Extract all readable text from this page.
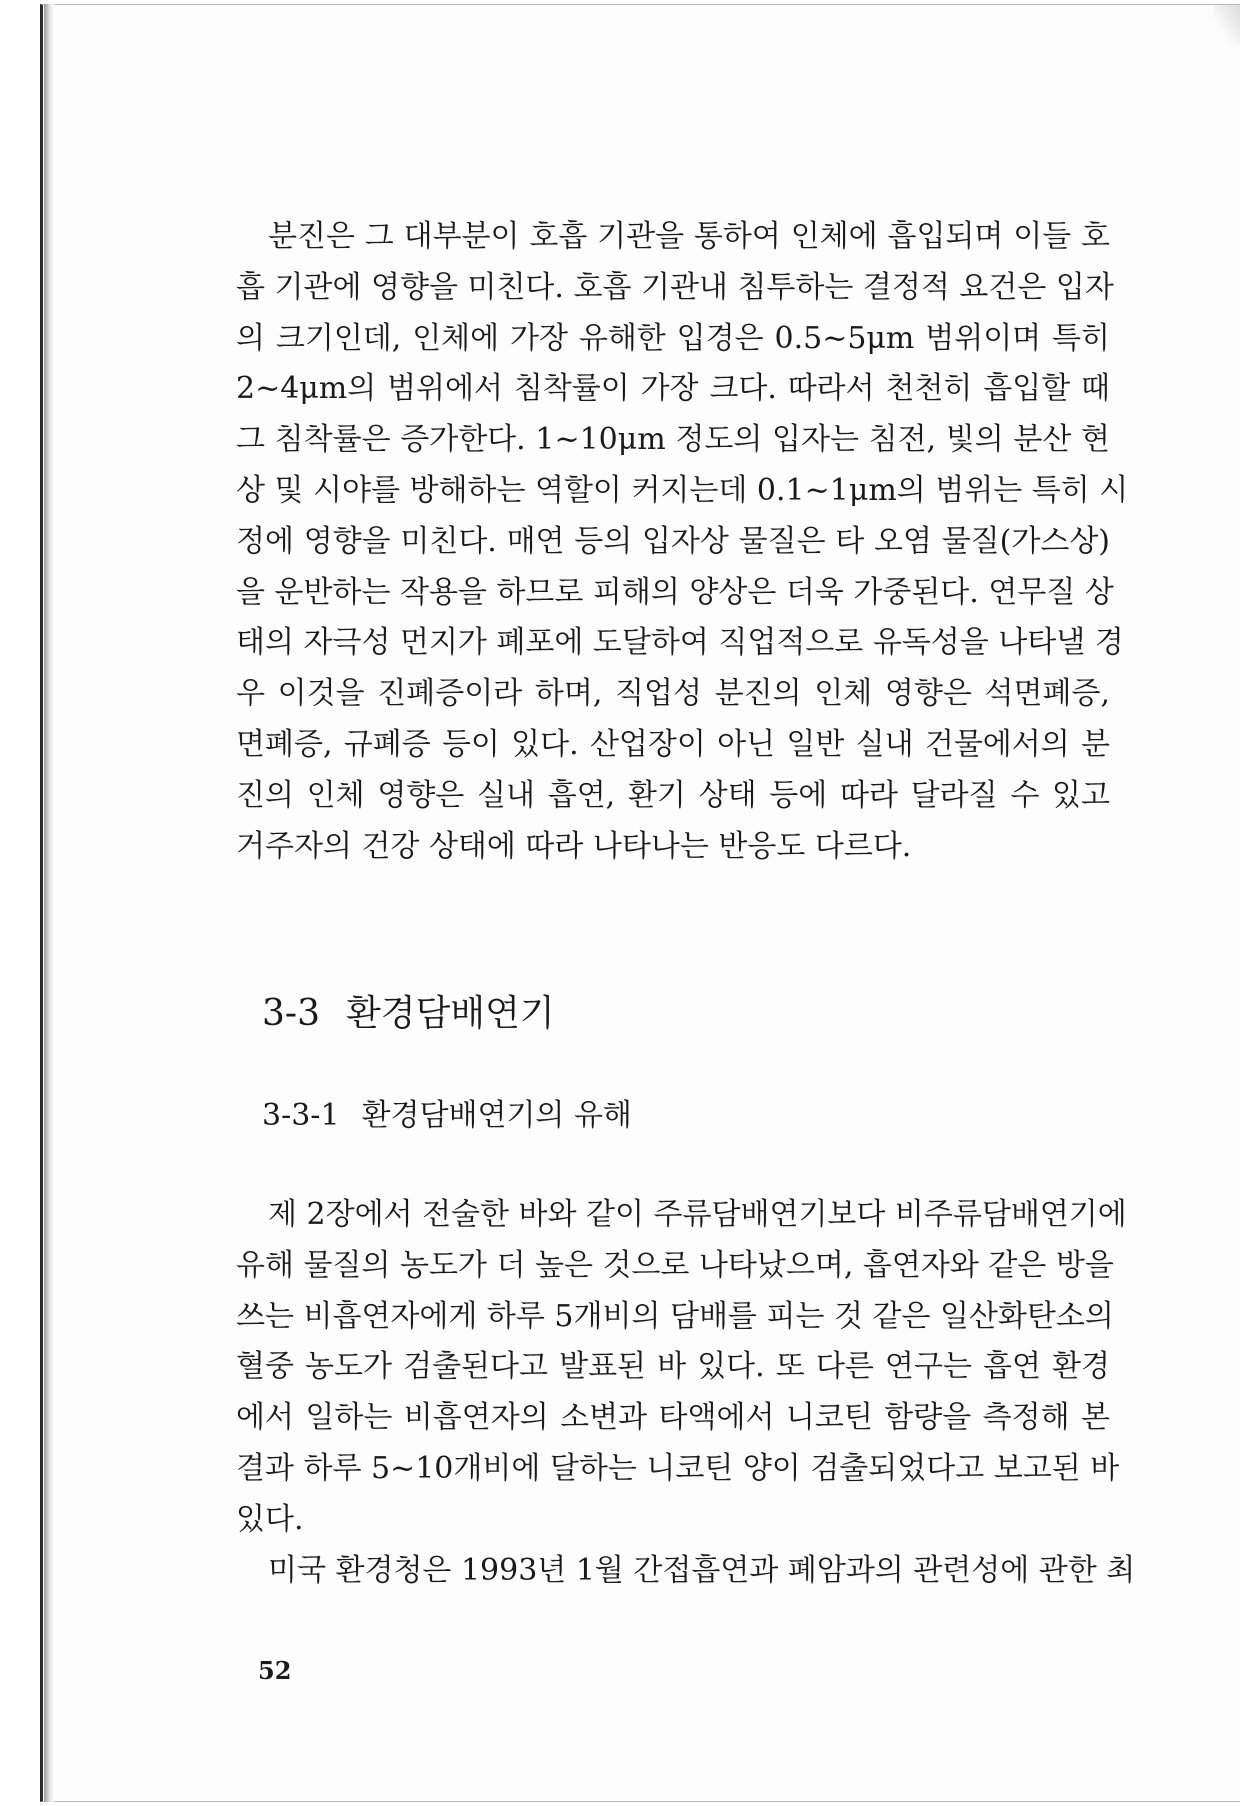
분진은 그 대부분이 호흡 기관을 통하여 인체에 흡입되며 이들 호
흡 기관에 영향을 미친다. 호흡 기관내 침투하는 결정적 요건은 입자
의 크기인데, 인체에 가장 유해한 입경은 0.5~5μm 범위이며 특히
2~4μm의 범위에서 침착률이 가장 크다. 따라서 천천히 흡입할 때
그 침착률은 증가한다. 1~10μm 정도의 입자는 침전, 빛의 분산 현
상 및 시야를 방해하는 역할이 커지는데 0.1~1μm의 범위는 특히 시
정에 영향을 미친다. 매연 등의 입자상 물질은 타 오염 물질(가스상)
을 운반하는 작용을 하므로 피해의 양상은 더욱 가중된다. 연무질 상
태의 자극성 먼지가 폐포에 도달하여 직업적으로 유독성을 나타낼 경
우 이것을 진폐증이라 하며, 직업성 분진의 인체 영향은 석면폐증,
면폐증, 규폐증 등이 있다. 산업장이 아닌 일반 실내 건물에서의 분
진의 인체 영향은 실내 흡연, 환기 상태 등에 따라 달라질 수 있고
거주자의 건강 상태에 따라 나타나는 반응도 다르다.

3-3 환경담배연기
3-3-1 환경담배연기의 유해

제 2장에서 전술한 바와 같이 주류담배연기보다 비주류담배연기에
유해 물질의 농도가 더 높은 것으로 나타났으며, 흡연자와 같은 방을
쓰는 비흡연자에게 하루 5개비의 담배를 피는 것 같은 일산화탄소의
혈중 농도가 검출된다고 발표된 바 있다. 또 다른 연구는 흡연 환경
에서 일하는 비흡연자의 소변과 타액에서 니코틴 함량을 측정해 본
결과 하루 5~10개비에 달하는 니코틴 양이 검출되었다고 보고된 바
있다.

미국 환경청은 1993년 1월 간접흡연과 폐암과의 관련성에 관한 최

52
